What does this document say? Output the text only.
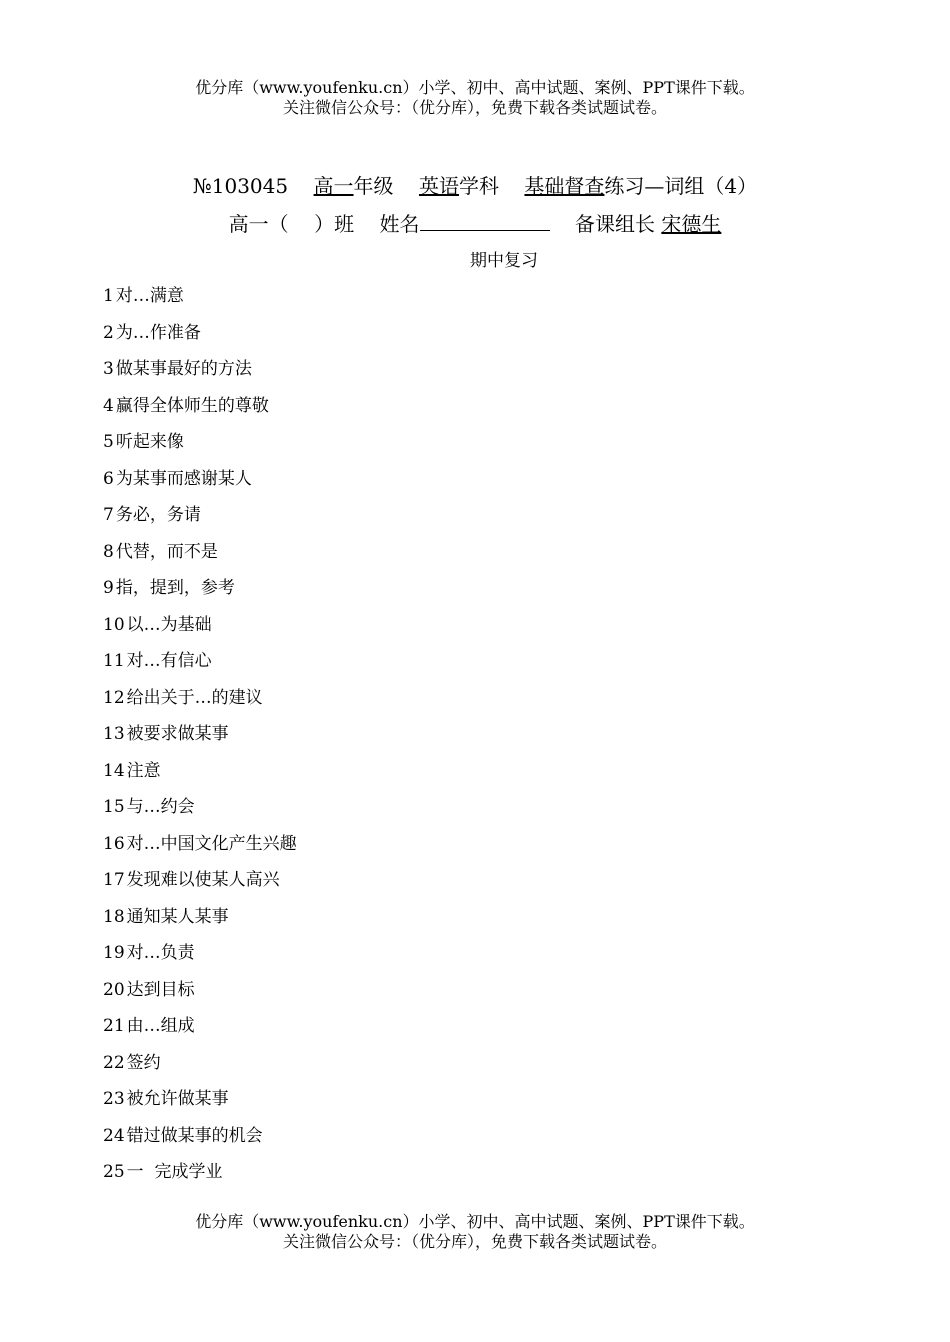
优分库（www.youfenku.cn）小学、初中、高中试题、案例、PPT课件下载。
关注微信公众号：（优分库），免费下载各类试题试卷。
№103045 高一年级 英语学科 基础督查练习—词组（4）
高一（    ）班 姓名	备课组长 宋德生
期中复习
1 对…满意
2 为…作准备
3 做某事最好的方法
4 赢得全体师生的尊敬
5 听起来像
6 为某事而感谢某人
7 务必，务请
8 代替，而不是
9 指，提到，参考
10 以…为基础
11 对…有信心
12 给出关于…的建议
13 被要求做某事
14 注意
15 与…约会
16 对…中国文化产生兴趣
17 发现难以使某人高兴
18 通知某人某事
19 对…负责
20 达到目标
21 由…组成
22 签约
23 被允许做某事
24 错过做某事的机会
25 一  完成学业
优分库（www.youfenku.cn）小学、初中、高中试题、案例、PPT课件下载。
关注微信公众号：（优分库），免费下载各类试题试卷。
